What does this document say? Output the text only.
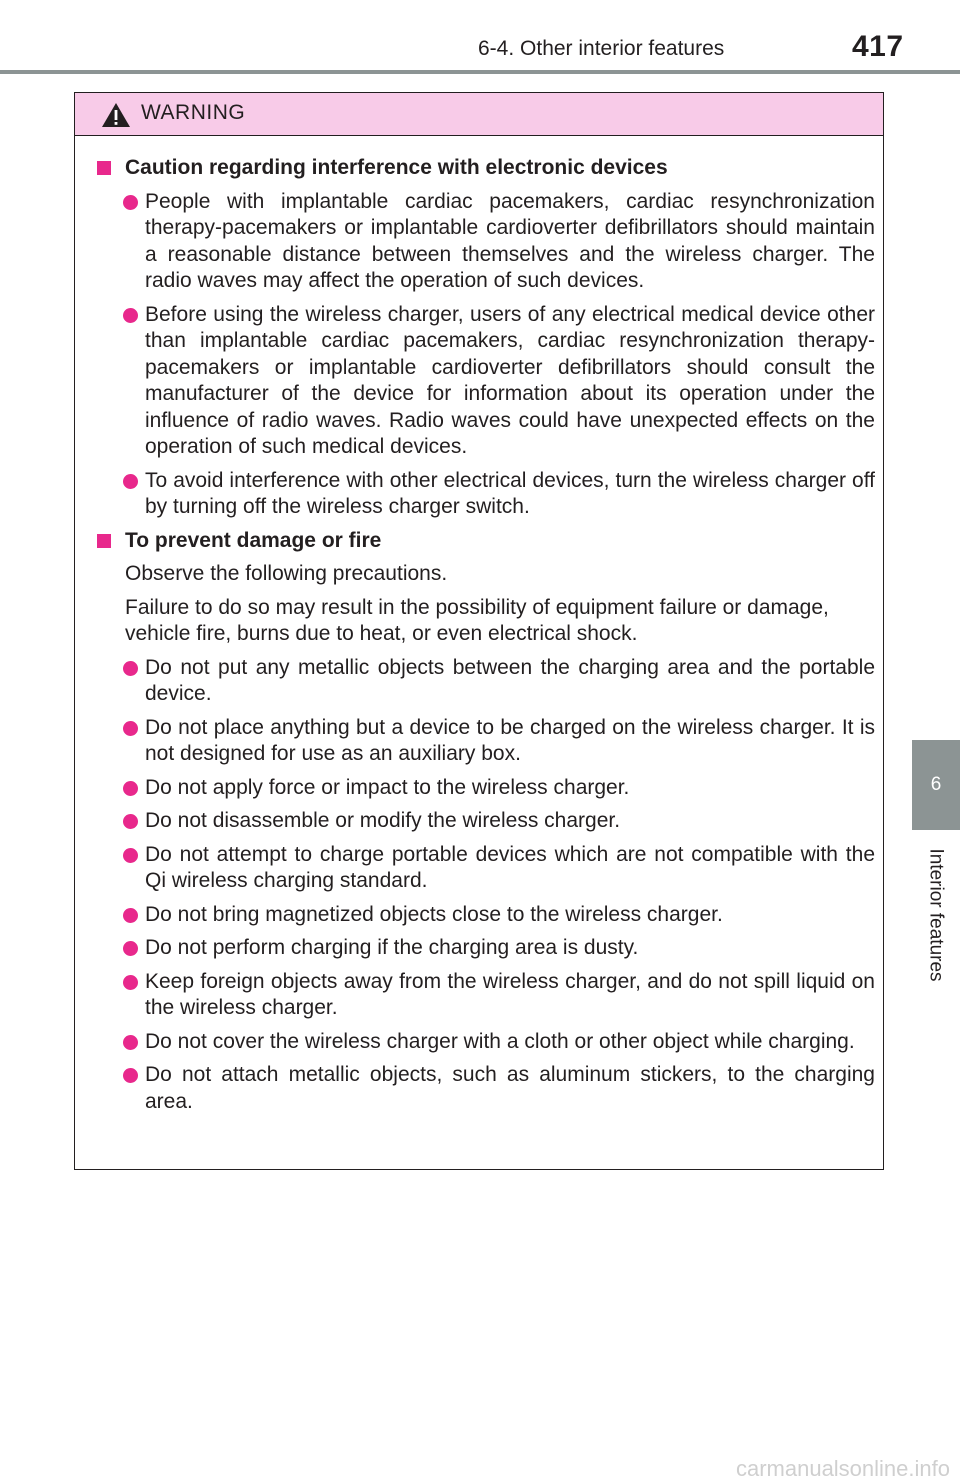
6-4. Other interior features	417
6
Interior features
WARNING
Caution regarding interference with electronic devices
People with implantable cardiac pacemakers, cardiac resynchronization therapy-pacemakers or implantable cardioverter defibrillators should maintain a reasonable distance between themselves and the wireless charger. The radio waves may affect the operation of such devices.
Before using the wireless charger, users of any electrical medical device other than implantable cardiac pacemakers, cardiac resynchronization therapy-pacemakers or implantable cardioverter defibrillators should consult the manufacturer of the device for information about its operation under the influence of radio waves. Radio waves could have unexpected effects on the operation of such medical devices.
To avoid interference with other electrical devices, turn the wireless charger off by turning off the wireless charger switch.
To prevent damage or fire
Observe the following precautions.
Failure to do so may result in the possibility of equipment failure or damage, vehicle fire, burns due to heat, or even electrical shock.
Do not put any metallic objects between the charging area and the portable device.
Do not place anything but a device to be charged on the wireless charger. It is not designed for use as an auxiliary box.
Do not apply force or impact to the wireless charger.
Do not disassemble or modify the wireless charger.
Do not attempt to charge portable devices which are not compatible with the Qi wireless charging standard.
Do not bring magnetized objects close to the wireless charger.
Do not perform charging if the charging area is dusty.
Keep foreign objects away from the wireless charger, and do not spill liquid on the wireless charger.
Do not cover the wireless charger with a cloth or other object while charging.
Do not attach metallic objects, such as aluminum stickers, to the charging area.
carmanualsonline.info
